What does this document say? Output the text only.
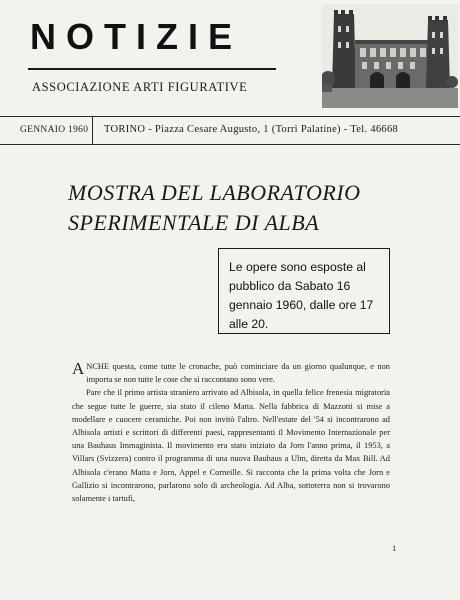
NOTIZIE
ASSOCIAZIONE ARTI FIGURATIVE
GENNAIO 1960 TORINO - Piazza Cesare Augusto, 1 (Torri Palatine) - Tel. 46668
MOSTRA DEL LABORATORIO
SPERIMENTALE DI ALBA
Le opere sono esposte al pubblico da Sabato 16 gennaio 1960, dalle ore 17 alle 20.

ANCHE questa, come tutte le cronache, può cominciare da un giorno qualunque, e non importa se non tutte le cose che si raccontano sono vere.

Pare che il primo artista straniero arrivato ad Albisola, in quella felice frenesia migratoria che segue tutte le guerre, sia stato il cileno Matta. Nella fabbrica di Mazzotti si mise a modellare e cuocere ceramiche. Poi non invitò l'altro. Nell'estate del '54 si incontrarono ad Albisola artisti e scrittori di differenti paesi, rappresentanti il Movimento Internazionale per una Bauhaus Immaginista. Il movimento era stato iniziato da Jorn l'anno prima, il 1953, a Villars (Svizzera) contro il programma di una nuova Bauhaus a Ulm, diretta da Max Bill. Ad Albisola c'erano Matta e Jorn, Appel e Corneille. Si racconta che la prima volta che Jorn e Gallizio si incontrarono, parlarono solo di archeologia. Ad Alba, sottoterra non si trovarono solamente i tartufi,

1
